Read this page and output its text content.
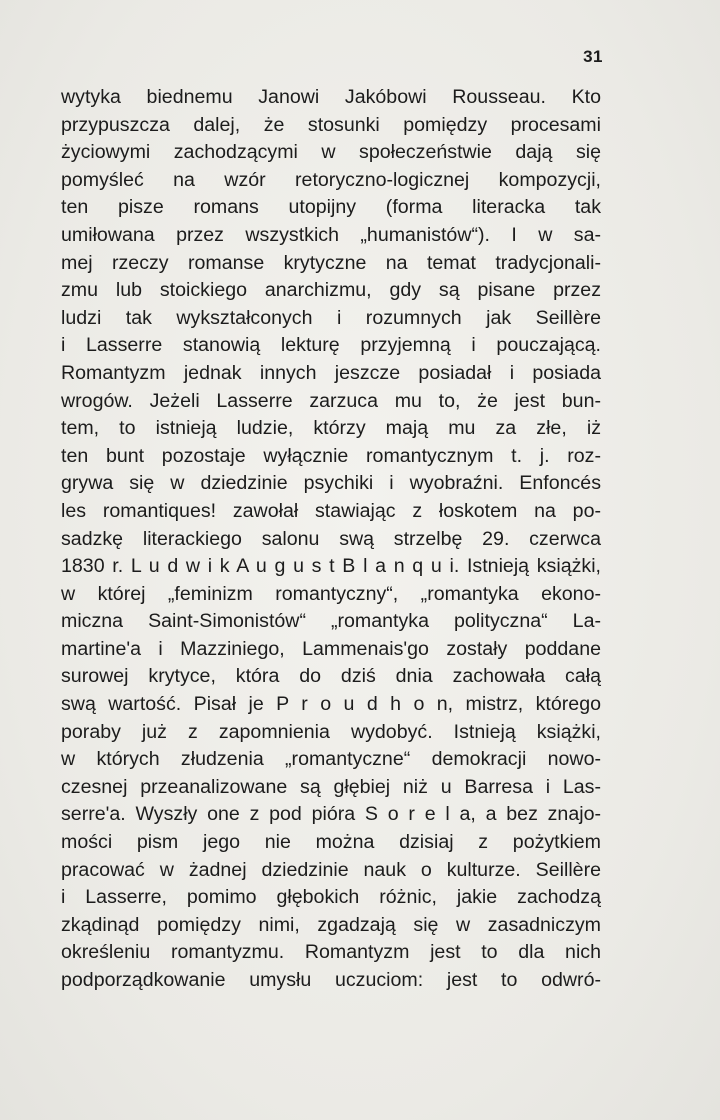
31
wytyka biednemu Janowi Jakóbowi Rousseau. Kto
przypuszcza dalej, że stosunki pomiędzy procesami
życiowymi zachodzącymi w społeczeństwie dają się
pomyśleć na wzór retoryczno-logicznej kompozycji,
ten pisze romans utopijny (forma literacka tak
umiłowana przez wszystkich „humanistów“). I w sa-
mej rzeczy romanse krytyczne na temat tradycjonali-
zmu lub stoickiego anarchizmu, gdy są pisane przez
ludzi tak wykształconych i rozumnych jak Seillère
i Lasserre stanowią lekturę przyjemną i pouczającą.
Romantyzm jednak innych jeszcze posiadał i posiada
wrogów. Jeżeli Lasserre zarzuca mu to, że jest bun-
tem, to istnieją ludzie, którzy mają mu za złe, iż
ten bunt pozostaje wyłącznie romantycznym t. j. roz-
grywa się w dziedzinie psychiki i wyobraźni. Enfoncés
les romantiques! zawołał stawiając z łoskotem na po-
sadzkę literackiego salonu swą strzelbę 29. czerwca
1830 r. L u d w i k A u g u s t B l a n q u i. Istnieją książki,
w której „feminizm romantyczny“, „romantyka ekono-
miczna Saint-Simonistów“ „romantyka polityczna“ La-
martine'a i Mazziniego, Lammenais'go zostały poddane
surowej krytyce, która do dziś dnia zachowała całą
swą wartość. Pisał je P r o u d h o n, mistrz, którego
poraby już z zapomnienia wydobyć. Istnieją książki,
w których złudzenia „romantyczne“ demokracji nowo-
czesnej przeanalizowane są głębiej niż u Barresa i Las-
serre'a. Wyszły one z pod pióra S o r e l a, a bez znajo-
mości pism jego nie można dzisiaj z pożytkiem
pracować w żadnej dziedzinie nauk o kulturze. Seillère
i Lasserre, pomimo głębokich różnic, jakie zachodzą
zkądinąd pomiędzy nimi, zgadzają się w zasadniczym
określeniu romantyzmu. Romantyzm jest to dla nich
podporządkowanie umysłu uczuciom: jest to odwró-
